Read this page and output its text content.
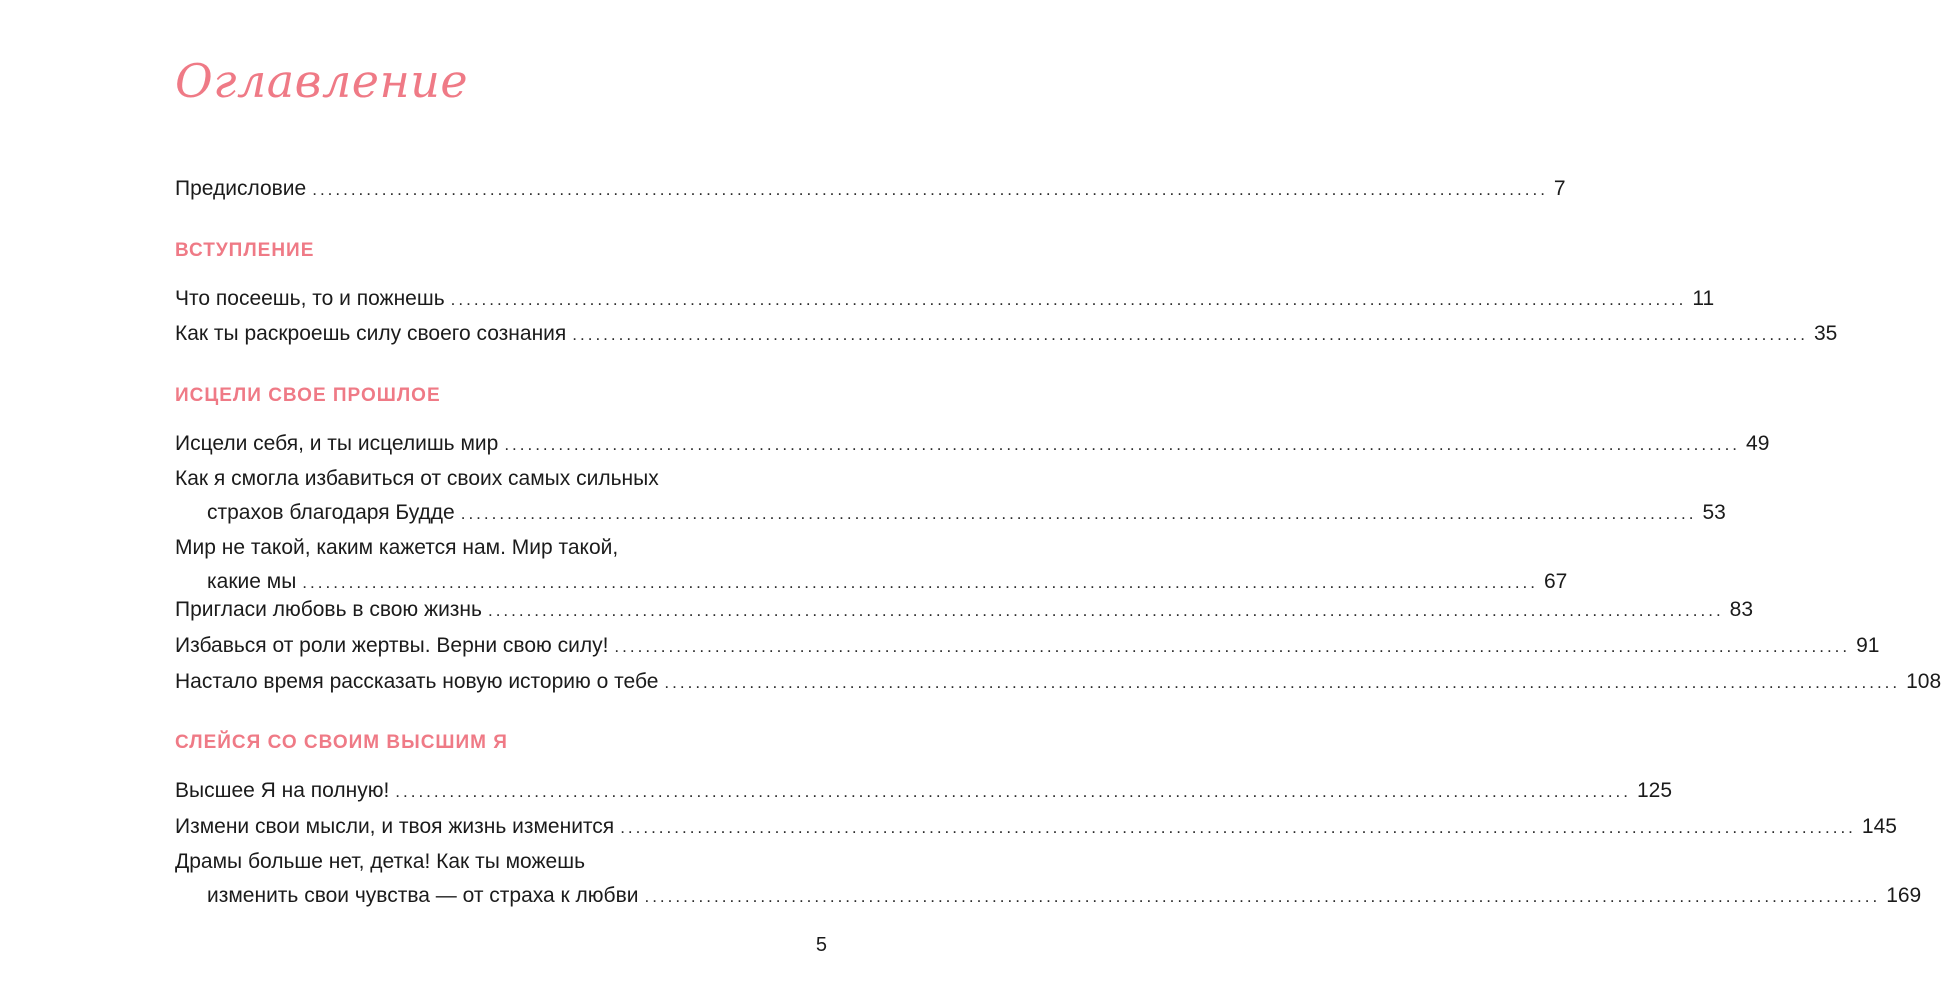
Оглавление
Предисловие ................................................................................................................................................................ 7
ВСТУПЛЕНИЕ
Что посеешь, то и пожнешь ................................................................................................................................................................ 11
Как ты раскроешь силу своего сознания ................................................................................................................................................................ 35
ИСЦЕЛИ СВОЕ ПРОШЛОЕ
Исцели себя, и ты исцелишь мир ................................................................................................................................................................ 49
Как я смогла избавиться от своих самых сильных
страхов благодаря Будде ................................................................................................................................................................ 53
Мир не такой, каким кажется нам. Мир такой,
какие мы ................................................................................................................................................................ 67
Пригласи любовь в свою жизнь ................................................................................................................................................................ 83
Избавься от роли жертвы. Верни свою силу! ................................................................................................................................................................ 91
Настало время рассказать новую историю о тебе ................................................................................................................................................................ 108
СЛЕЙСЯ СО СВОИМ ВЫСШИМ Я
Высшее Я на полную! ................................................................................................................................................................ 125
Измени свои мысли, и твоя жизнь изменится ................................................................................................................................................................ 145
Драмы больше нет, детка! Как ты можешь
изменить свои чувства — от страха к любви ................................................................................................................................................................ 169
5
